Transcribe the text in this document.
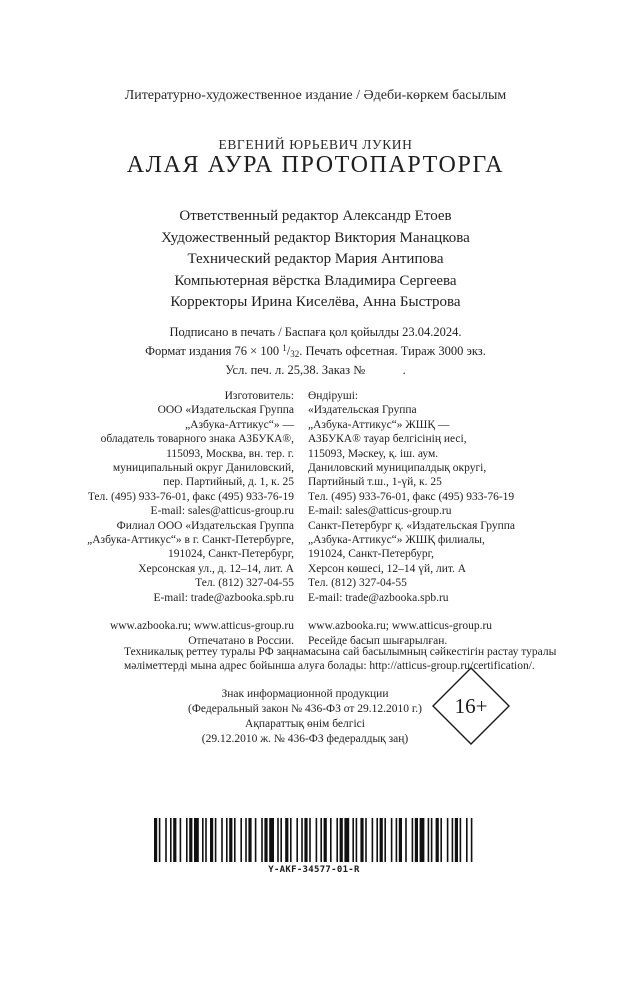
Литературно-художественное издание / Әдеби-көркем басылым
ЕВГЕНИЙ ЮРЬЕВИЧ ЛУКИН
АЛАЯ АУРА ПРОТОПАРТОРГА
Ответственный редактор Александр Етоев
Художественный редактор Виктория Манацкова
Технический редактор Мария Антипова
Компьютерная вёрстка Владимира Сергеева
Корректоры Ирина Киселёва, Анна Быстрова
Подписано в печать / Баспаға қол қойылды 23.04.2024.
Формат издания 76 × 100 $^1$/32. Печать офсетная. Тираж 3000 экз.
Усл. печ. л. 25,38. Заказ №            .
Изготовитель:
ООО «Издательская Группа
„Азбука-Аттикус“» —
обладатель товарного знака АЗБУКА®,
115093, Москва, вн. тер. г.
муниципальный округ Даниловский,
пер. Партийный, д. 1, к. 25
Тел. (495) 933-76-01, факс (495) 933-76-19
E-mail: sales@atticus-group.ru
Филиал ООО «Издательская Группа
„Азбука-Аттикус“» в г. Санкт-Петербурге,
191024, Санкт-Петербург,
Херсонская ул., д. 12–14, лит. А
Тел. (812) 327-04-55
E-mail: trade@azbooka.spb.ru
www.azbooka.ru; www.atticus-group.ru
Отпечатано в России.
Өндіруші:
«Издательская Группа
„Азбука-Аттикус“» ЖШҚ —
АЗБУКА® тауар белгісінің иесі,
115093, Мәскеу, қ. іш. аум.
Даниловский муниципалдық округі,
Партийный т.ш., 1-үй, к. 25
Тел. (495) 933-76-01, факс (495) 933-76-19
E-mail: sales@atticus-group.ru
Санкт-Петербург қ. «Издательская Группа
„Азбука-Аттикус“» ЖШҚ филиалы,
191024, Санкт-Петербург,
Херсон көшесі, 12–14 үй, лит. А
Тел. (812) 327-04-55
E-mail: trade@azbooka.spb.ru
www.azbooka.ru; www.atticus-group.ru
Ресейде басып шығарылған.
Техникалық реттеу туралы РФ заңнамасына сай басылымның сәйкестігін растау туралы
мәліметтерді мына адрес бойынша алуға болады: http://atticus-group.ru/certification/.
Знак информационной продукции
(Федеральный закон № 436-ФЗ от 29.12.2010 г.)
Ақпараттық өнім белгісі
(29.12.2010 ж. № 436-ФЗ федералдық заң)
16+
Y-AKF-34577-01-R
